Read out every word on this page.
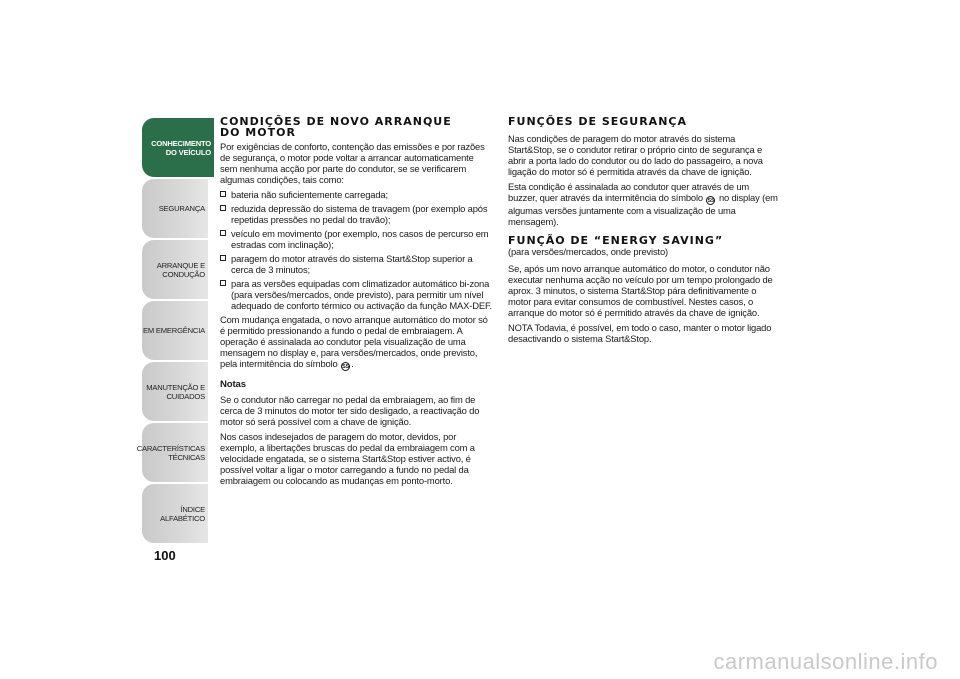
CONHECIMENTO
DO VEÍCULO
SEGURANÇA
ARRANQUE E
CONDUÇÃO
EM EMERGÊNCIA
MANUTENÇÃO E
CUIDADOS
CARACTERÍSTICAS
TÉCNICAS
ÍNDICE ALFABÉTICO
100
CONDIÇÕES DE NOVO ARRANQUE
DO MOTOR

Por exigências de conforto, contenção das emissões e por razões de segurança, o motor pode voltar a arrancar automaticamente sem nenhuma acção por parte do condutor, se se verificarem algumas condições, tais como:

bateria não suficientemente carregada;
reduzida depressão do sistema de travagem (por exemplo após repetidas pressões no pedal do travão);
veículo em movimento (por exemplo, nos casos de percurso em estradas com inclinação);
paragem do motor através do sistema Start&Stop superior a cerca de 3 minutos;
para as versões equipadas com climatizador automático bi-zona (para versões/mercados, onde previsto), para permitir um nível adequado de conforto térmico ou activação da função MAX-DEF.

Com mudança engatada, o novo arranque automático do motor só é permitido pressionando a fundo o pedal de embraiagem. A operação é assinalada ao condutor pela visualização de uma mensagem no display e, para versões/mercados, onde previsto, pela intermitência do símbolo SS .

Notas

Se o condutor não carregar no pedal da embraiagem, ao fim de cerca de 3 minutos do motor ter sido desligado, a reactivação do motor só será possível com a chave de ignição.

Nos casos indesejados de paragem do motor, devidos, por exemplo, a libertações bruscas do pedal da embraiagem com a velocidade engatada, se o sistema Start&Stop estiver activo, é possível voltar a ligar o motor carregando a fundo no pedal da embraiagem ou colocando as mudanças em ponto-morto.

FUNÇÕES DE SEGURANÇA

Nas condições de paragem do motor através do sistema Start&Stop, se o condutor retirar o próprio cinto de segurança e abrir a porta lado do condutor ou do lado do passageiro, a nova ligação do motor só é permitida através da chave de ignição.

Esta condição é assinalada ao condutor quer através de um buzzer, quer através da intermitência do símbolo SS no display (em algumas versões juntamente com a visualização de uma mensagem).

FUNÇÃO DE “ENERGY SAVING”

(para versões/mercados, onde previsto)

Se, após um novo arranque automático do motor, o condutor não executar nenhuma acção no veículo por um tempo prolongado de aprox. 3 minutos, o sistema Start&Stop pára definitivamente o motor para evitar consumos de combustível. Nestes casos, o arranque do motor só é permitido através da chave de ignição.

NOTA Todavia, é possível, em todo o caso, manter o motor ligado desactivando o sistema Start&Stop.

carmanualsonline.info
